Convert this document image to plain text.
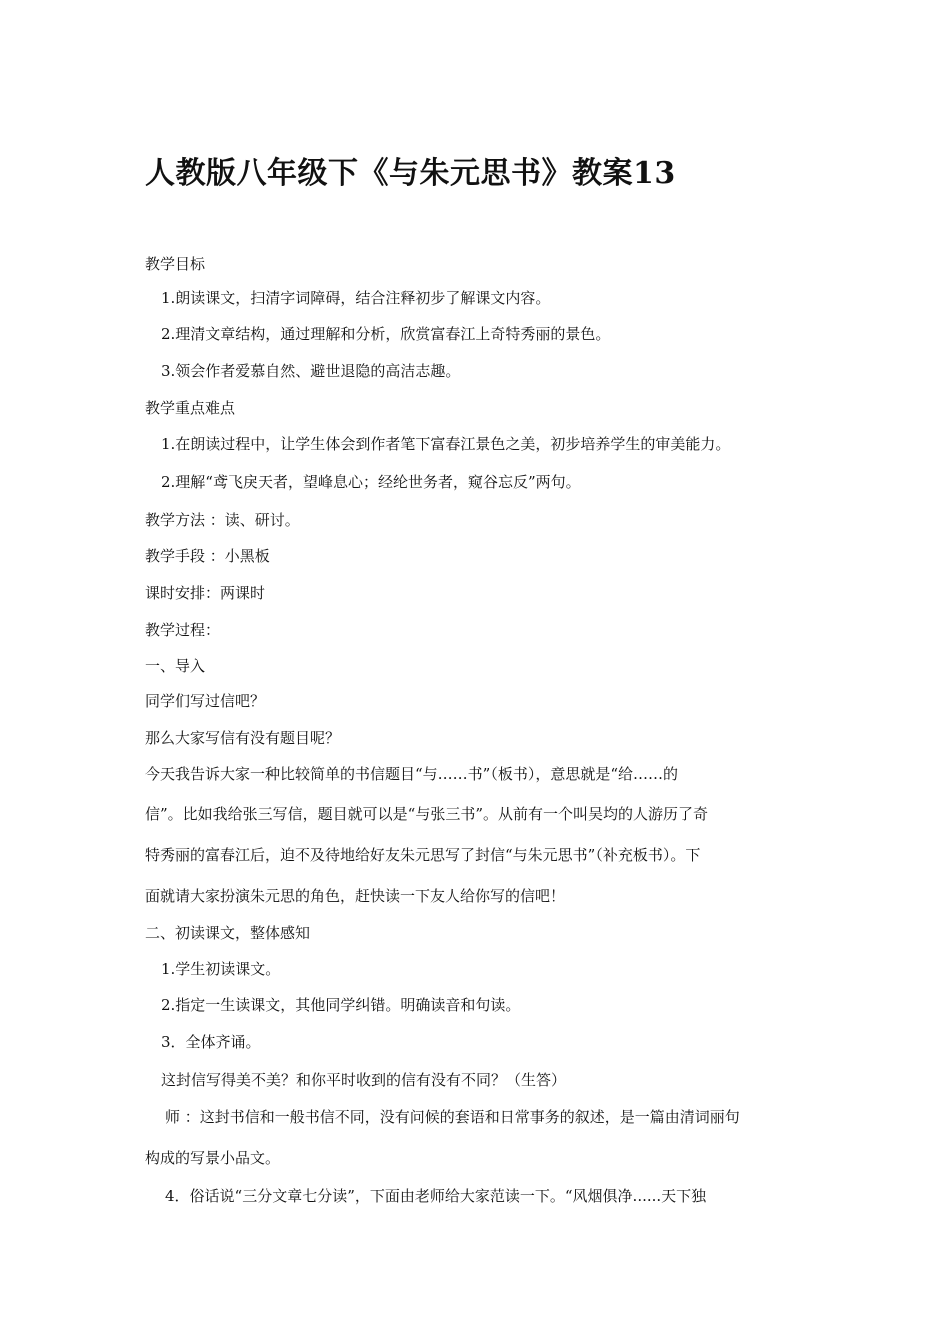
人教版八年级下《与朱元思书》教案13
教学目标
1.朗读课文，扫清字词障碍，结合注释初步了解课文内容。
2.理清文章结构，通过理解和分析，欣赏富春江上奇特秀丽的景色。
3.领会作者爱慕自然、避世退隐的高洁志趣。
教学重点难点
1.在朗读过程中，让学生体会到作者笔下富春江景色之美，初步培养学生的审美能力。
2.理解“鸢飞戾天者，望峰息心；经纶世务者，窥谷忘反”两句。
教学方法 ：读、研讨。
教学手段 ：小黑板
课时安排：两课时
教学过程：
一、导入
同学们写过信吧？
那么大家写信有没有题目呢？
今天我告诉大家一种比较简单的书信题目“与……书”（板书），意思就是“给……的
信”。比如我给张三写信，题目就可以是“与张三书”。从前有一个叫吴均的人游历了奇
特秀丽的富春江后，迫不及待地给好友朱元思写了封信“与朱元思书”（补充板书）。下
面就请大家扮演朱元思的角色，赶快读一下友人给你写的信吧！
二、初读课文，整体感知
1.学生初读课文。
2.指定一生读课文，其他同学纠错。明确读音和句读。
3．全体齐诵。
这封信写得美不美？和你平时收到的信有没有不同？（生答）
师 ：这封书信和一般书信不同，没有问候的套语和日常事务的叙述，是一篇由清词丽句
构成的写景小品文。
4．俗话说“三分文章七分读”，下面由老师给大家范读一下。“风烟俱净......天下独
